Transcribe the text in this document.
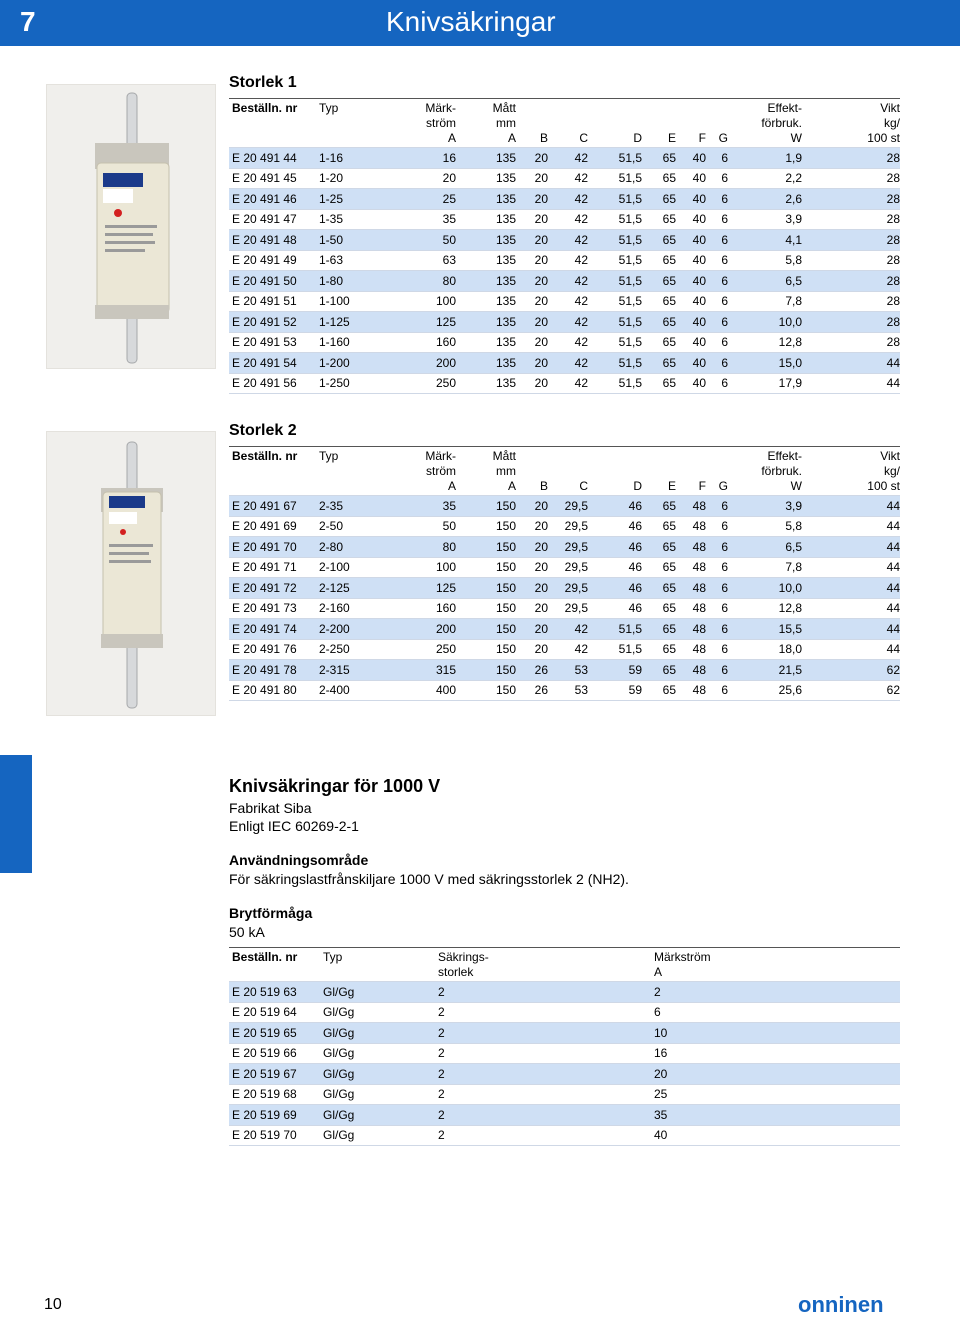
7	Knivsäkringar
Storlek 1
Beställn. nr	Typ	Märk-	Mått							Effekt-	Vikt
		ström	mm							förbruk.	kg/
		A	A	B	C	D	E	F	G	W	100 st
E 20 491 44	1-16	16	135	20	42	51,5	65	40	6	1,9	28
E 20 491 45	1-20	20	135	20	42	51,5	65	40	6	2,2	28
E 20 491 46	1-25	25	135	20	42	51,5	65	40	6	2,6	28
E 20 491 47	1-35	35	135	20	42	51,5	65	40	6	3,9	28
E 20 491 48	1-50	50	135	20	42	51,5	65	40	6	4,1	28
E 20 491 49	1-63	63	135	20	42	51,5	65	40	6	5,8	28
E 20 491 50	1-80	80	135	20	42	51,5	65	40	6	6,5	28
E 20 491 51	1-100	100	135	20	42	51,5	65	40	6	7,8	28
E 20 491 52	1-125	125	135	20	42	51,5	65	40	6	10,0	28
E 20 491 53	1-160	160	135	20	42	51,5	65	40	6	12,8	28
E 20 491 54	1-200	200	135	20	42	51,5	65	40	6	15,0	44
E 20 491 56	1-250	250	135	20	42	51,5	65	40	6	17,9	44
Storlek 2
Beställn. nr	Typ	Märk-	Mått							Effekt-	Vikt
		ström	mm							förbruk.	kg/
		A	A	B	C	D	E	F	G	W	100 st
E 20 491 67	2-35	35	150	20	29,5	46	65	48	6	3,9	44
E 20 491 69	2-50	50	150	20	29,5	46	65	48	6	5,8	44
E 20 491 70	2-80	80	150	20	29,5	46	65	48	6	6,5	44
E 20 491 71	2-100	100	150	20	29,5	46	65	48	6	7,8	44
E 20 491 72	2-125	125	150	20	29,5	46	65	48	6	10,0	44
E 20 491 73	2-160	160	150	20	29,5	46	65	48	6	12,8	44
E 20 491 74	2-200	200	150	20	42	51,5	65	48	6	15,5	44
E 20 491 76	2-250	250	150	20	42	51,5	65	48	6	18,0	44
E 20 491 78	2-315	315	150	26	53	59	65	48	6	21,5	62
E 20 491 80	2-400	400	150	26	53	59	65	48	6	25,6	62
Knivsäkringar för 1000 V
Fabrikat Siba
Enligt IEC 60269-2-1
Användningsområde
För säkringslastfrånskiljare 1000 V med säkringsstorlek 2 (NH2).
Brytförmåga
50 kA
Beställn. nr	Typ	Säkrings-	Märkström
		storlek	A
E 20 519 63	Gl/Gg	2	2
E 20 519 64	Gl/Gg	2	6
E 20 519 65	Gl/Gg	2	10
E 20 519 66	Gl/Gg	2	16
E 20 519 67	Gl/Gg	2	20
E 20 519 68	Gl/Gg	2	25
E 20 519 69	Gl/Gg	2	35
E 20 519 70	Gl/Gg	2	40
10	onninen
